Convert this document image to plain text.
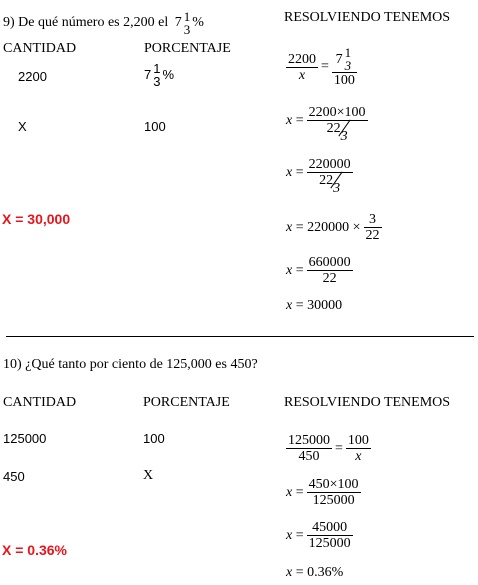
9) De qué número es 2,200 el 7 1
3 %	RESOLVIENDO TENEMOS
CANTIDAD	PORCENTAJE
2200	7 1
3 %
X	100
X = 30,000
$\frac{2200}{x} = 7$ 1
3
100
x = 2200×100
22
3
x = 220000
22
3
$x = 220000 \times \frac{3}{22}$
$x = \frac{660000}{22}$
x = 30000
10) ¿Qué tanto por ciento de 125,000 es 450?
CANTIDAD	PORCENTAJE	RESOLVIENDO TENEMOS
125000	100
450	X
X = 0.36%
$\frac{125000}{450} = \frac{100}{x}$
$x = \frac{450\times 100}{125000}$
$x = \frac{45000}{125000}$
x = 0.36%
